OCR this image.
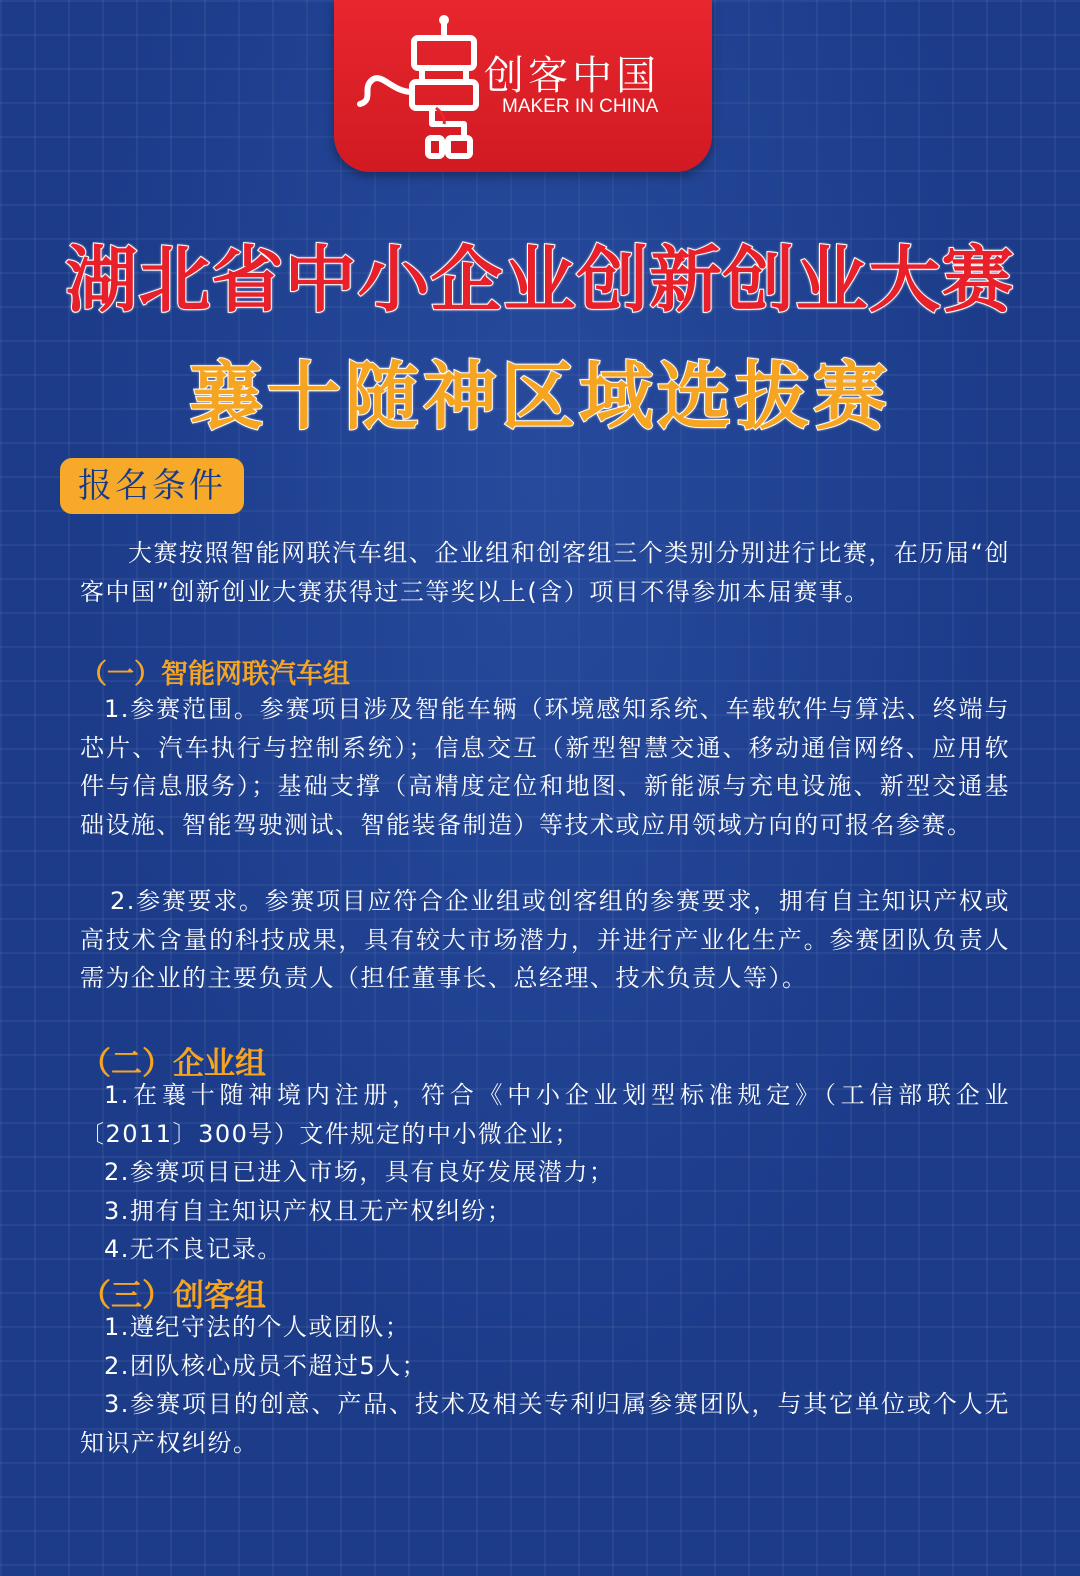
创客中国
MAKER IN CHINA
湖北省中小企业创新创业大赛
襄十随神区域选拔赛
报名条件
大赛按照智能网联汽车组、企业组和创客组三个类别分别进行比赛，在历届“创客中国”创新创业大赛获得过三等奖以上(含）项目不得参加本届赛事。
（一）智能网联汽车组
1.参赛范围。参赛项目涉及智能车辆（环境感知系统、车载软件与算法、终端与芯片、汽车执行与控制系统）；信息交互（新型智慧交通、移动通信网络、应用软件与信息服务）；基础支撑（高精度定位和地图、新能源与充电设施、新型交通基础设施、智能驾驶测试、智能装备制造）等技术或应用领域方向的可报名参赛。
2.参赛要求。参赛项目应符合企业组或创客组的参赛要求，拥有自主知识产权或高技术含量的科技成果，具有较大市场潜力，并进行产业化生产。参赛团队负责人需为企业的主要负责人（担任董事长、总经理、技术负责人等）。
（二）企业组
1.在襄十随神境内注册，符合《中小企业划型标准规定》（工信部联企业〔2011〕300号）文件规定的中小微企业；
2.参赛项目已进入市场，具有良好发展潜力；
3.拥有自主知识产权且无产权纠纷；
4.无不良记录。
（三）创客组
1.遵纪守法的个人或团队；
2.团队核心成员不超过5人；
3.参赛项目的创意、产品、技术及相关专利归属参赛团队，与其它单位或个人无知识产权纠纷。
